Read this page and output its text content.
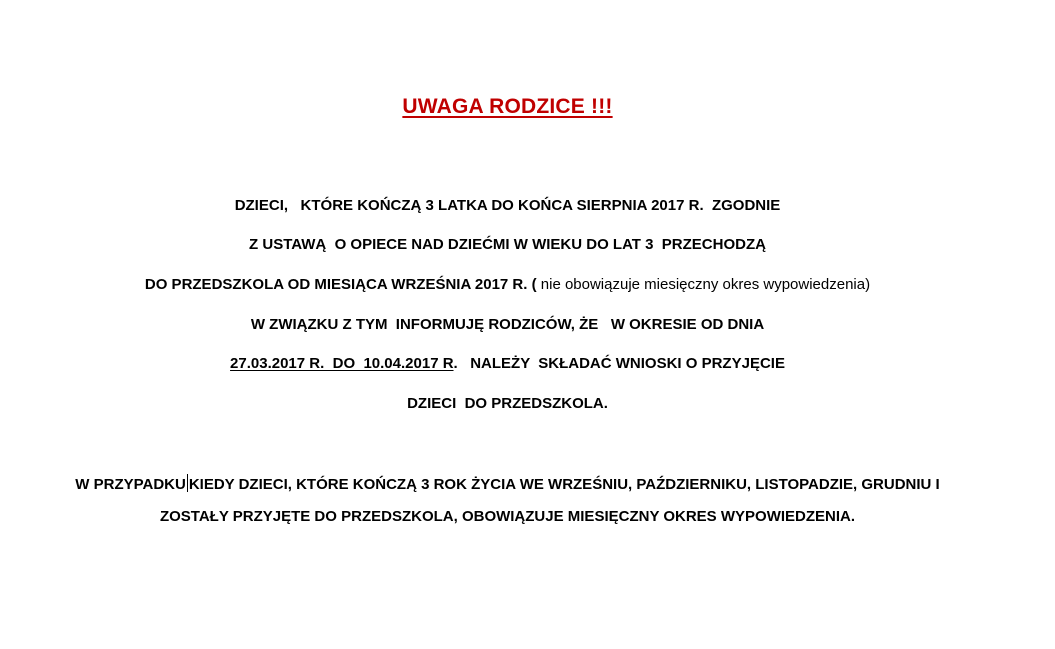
UWAGA RODZICE !!!
DZIECI,   KTÓRE KOŃCZĄ 3 LATKA DO KOŃCA SIERPNIA 2017 R.  ZGODNIE
Z USTAWĄ  O OPIECE NAD DZIEĆMI W WIEKU DO LAT 3  PRZECHODZĄ
DO PRZEDSZKOLA OD MIESIĄCA WRZEŚNIA 2017 R. ( nie obowiązuje miesięczny okres wypowiedzenia)
W ZWIĄZKU Z TYM  INFORMUJĘ RODZICÓW, ŻE   W OKRESIE OD DNIA
27.03.2017 R.  DO  10.04.2017 R.   NALEŻY  SKŁADAĆ WNIOSKI O PRZYJĘCIE
DZIECI  DO PRZEDSZKOLA.
W PRZYPADKU KIEDY DZIECI, KTÓRE KOŃCZĄ 3 ROK ŻYCIA WE WRZEŚNIU, PAŹDZIERNIKU, LISTOPADZIE, GRUDNIU I
ZOSTAŁY PRZYJĘTE DO PRZEDSZKOLA, OBOWIĄZUJE MIESIĘCZNY OKRES WYPOWIEDZENIA.
